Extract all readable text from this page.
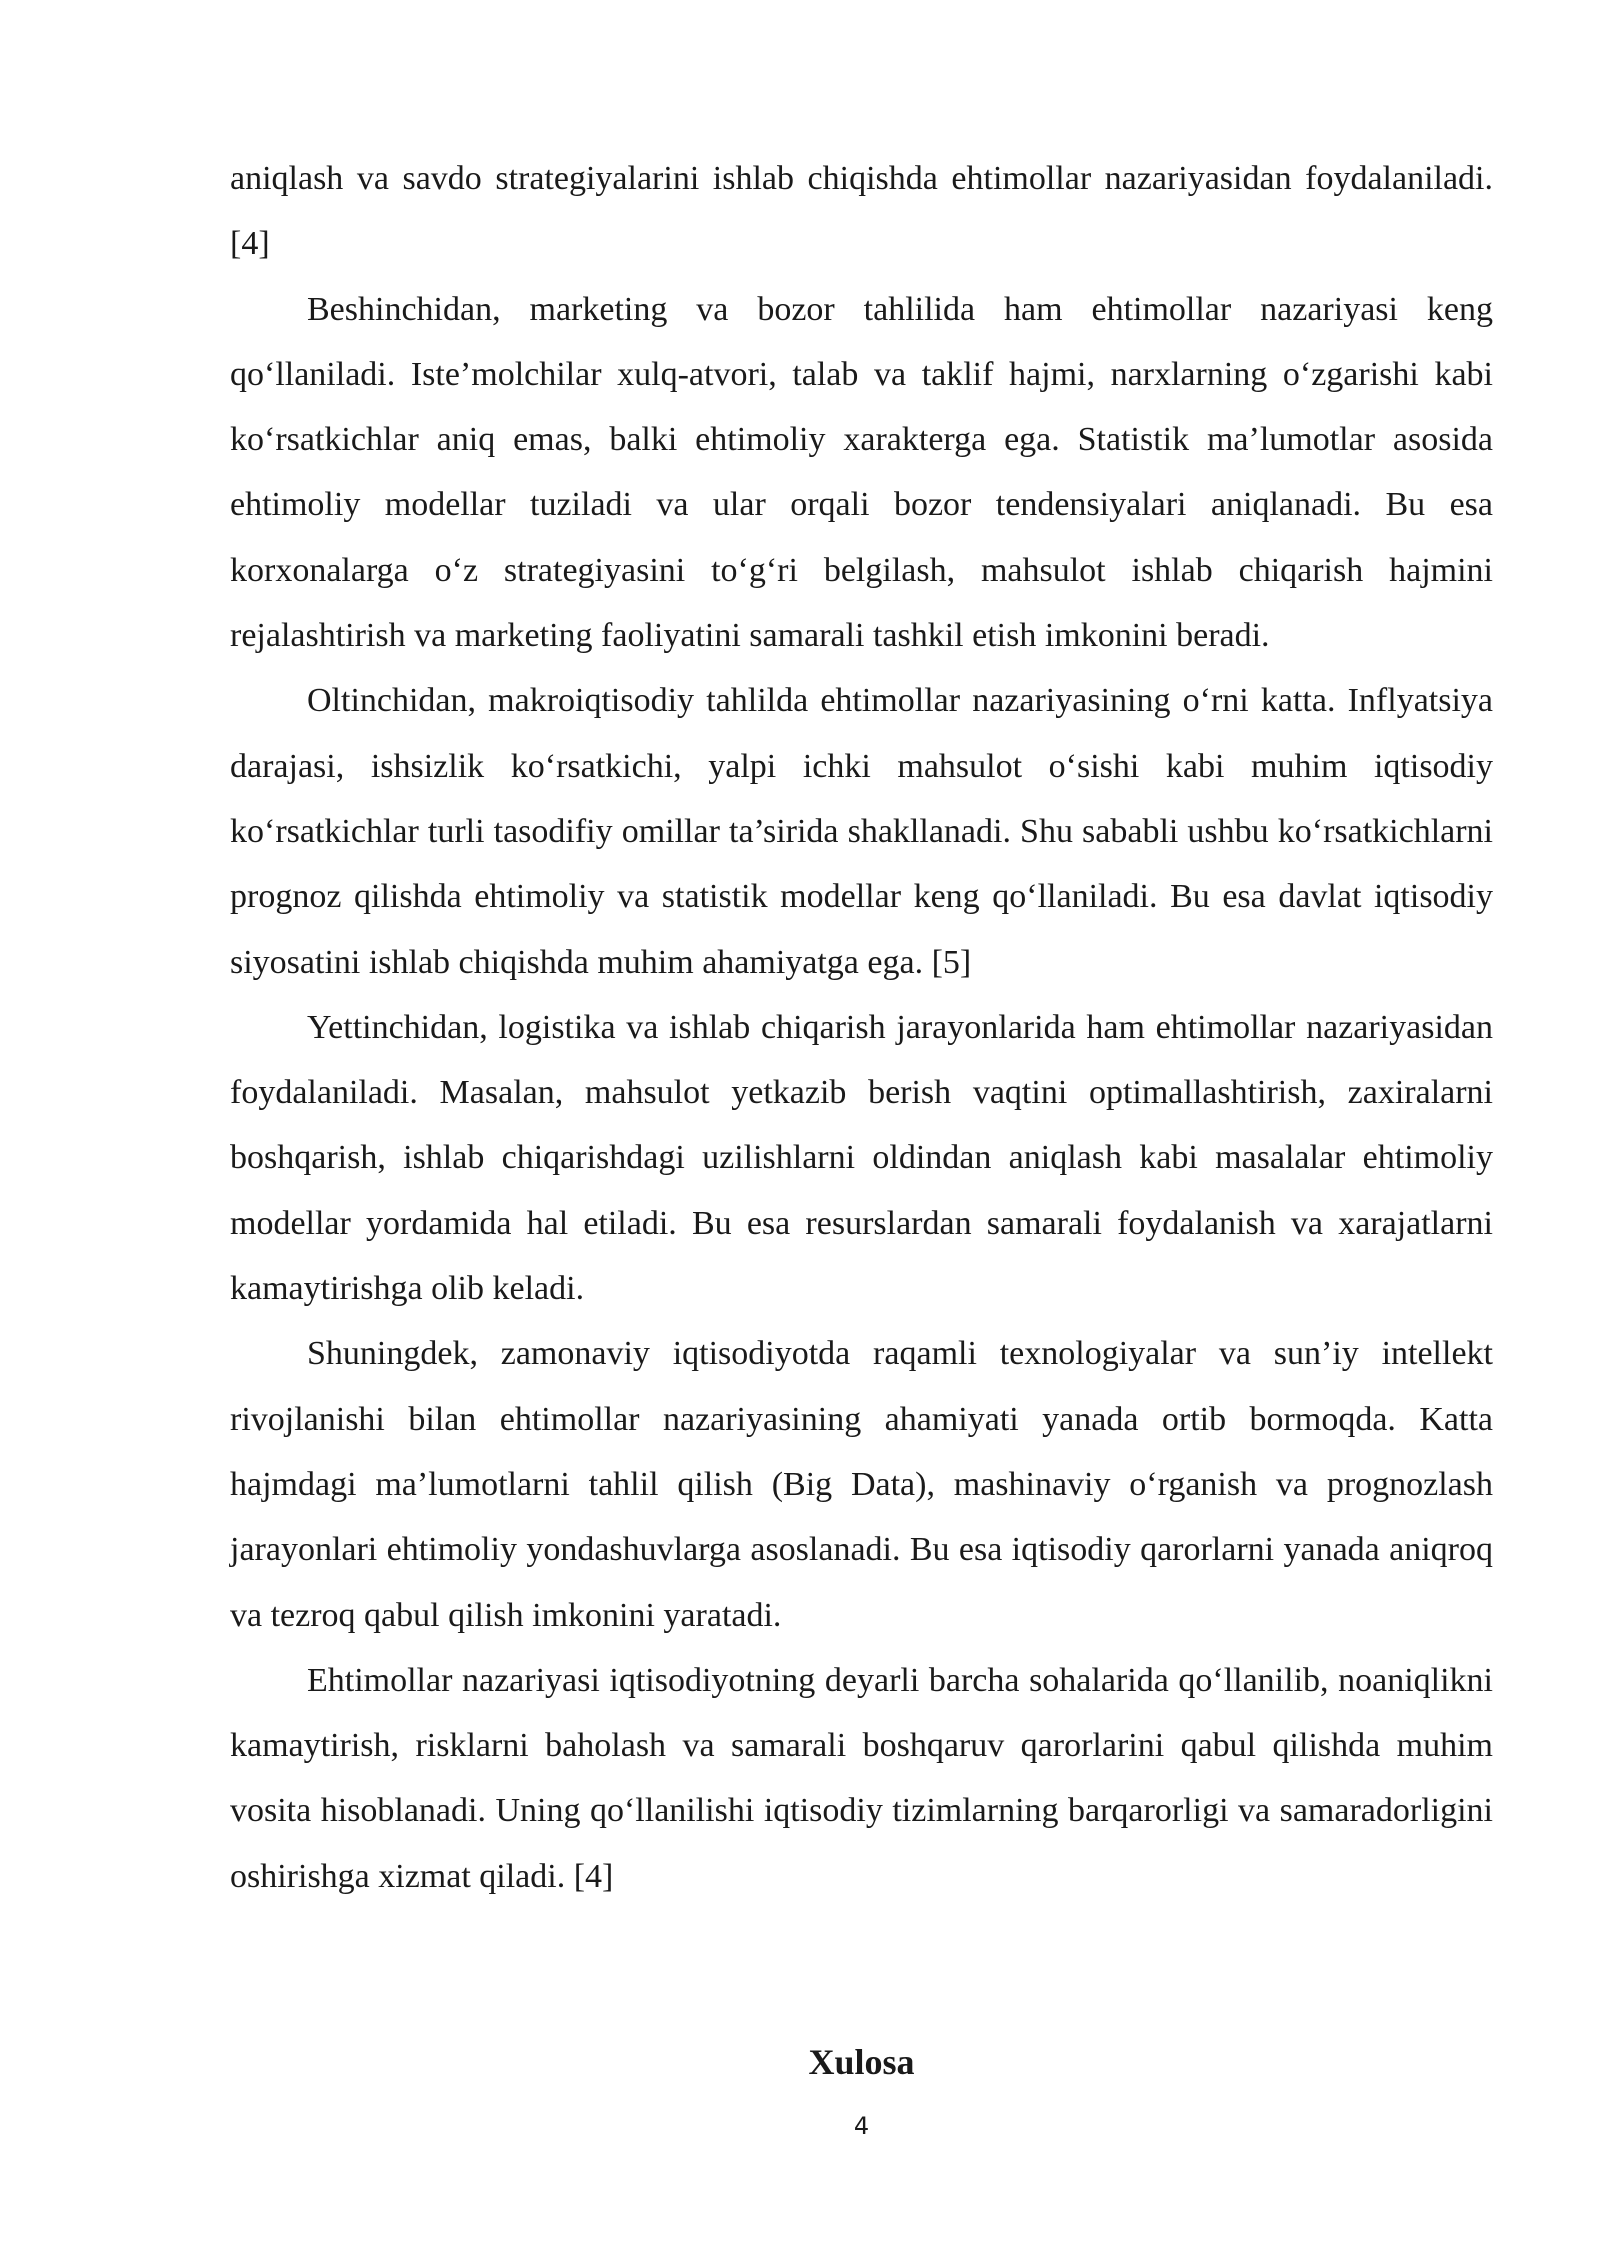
aniqlash va savdo strategiyalarini ishlab chiqishda ehtimollar nazariyasidan foydalaniladi. [4]

Beshinchidan, marketing va bozor tahlilida ham ehtimollar nazariyasi keng qo‘llaniladi. Iste’molchilar xulq-atvori, talab va taklif hajmi, narxlarning o‘zgarishi kabi ko‘rsatkichlar aniq emas, balki ehtimoliy xarakterga ega. Statistik ma’lumotlar asosida ehtimoliy modellar tuziladi va ular orqali bozor tendensiyalari aniqlanadi. Bu esa korxonalarga o‘z strategiyasini to‘g‘ri belgilash, mahsulot ishlab chiqarish hajmini rejalashtirish va marketing faoliyatini samarali tashkil etish imkonini beradi.

Oltinchidan, makroiqtisodiy tahlilda ehtimollar nazariyasining o‘rni katta. Inflyatsiya darajasi, ishsizlik ko‘rsatkichi, yalpi ichki mahsulot o‘sishi kabi muhim iqtisodiy ko‘rsatkichlar turli tasodifiy omillar ta’sirida shakllanadi. Shu sababli ushbu ko‘rsatkichlarni prognoz qilishda ehtimoliy va statistik modellar keng qo‘llaniladi. Bu esa davlat iqtisodiy siyosatini ishlab chiqishda muhim ahamiyatga ega. [5]

Yettinchidan, logistika va ishlab chiqarish jarayonlarida ham ehtimollar nazariyasidan foydalaniladi. Masalan, mahsulot yetkazib berish vaqtini optimallashtirish, zaxiralarni boshqarish, ishlab chiqarishdagi uzilishlarni oldindan aniqlash kabi masalalar ehtimoliy modellar yordamida hal etiladi. Bu esa resurslardan samarali foydalanish va xarajatlarni kamaytirishga olib keladi.

Shuningdek, zamonaviy iqtisodiyotda raqamli texnologiyalar va sun’iy intellekt rivojlanishi bilan ehtimollar nazariyasining ahamiyati yanada ortib bormoqda. Katta hajmdagi ma’lumotlarni tahlil qilish (Big Data), mashinaviy o‘rganish va prognozlash jarayonlari ehtimoliy yondashuvlarga asoslanadi. Bu esa iqtisodiy qarorlarni yanada aniqroq va tezroq qabul qilish imkonini yaratadi.

Ehtimollar nazariyasi iqtisodiyotning deyarli barcha sohalarida qo‘llanilib, noaniqlikni kamaytirish, risklarni baholash va samarali boshqaruv qarorlarini qabul qilishda muhim vosita hisoblanadi. Uning qo‘llanilishi iqtisodiy tizimlarning barqarorligi va samaradorligini oshirishga xizmat qiladi. [4]

Xulosa
4
